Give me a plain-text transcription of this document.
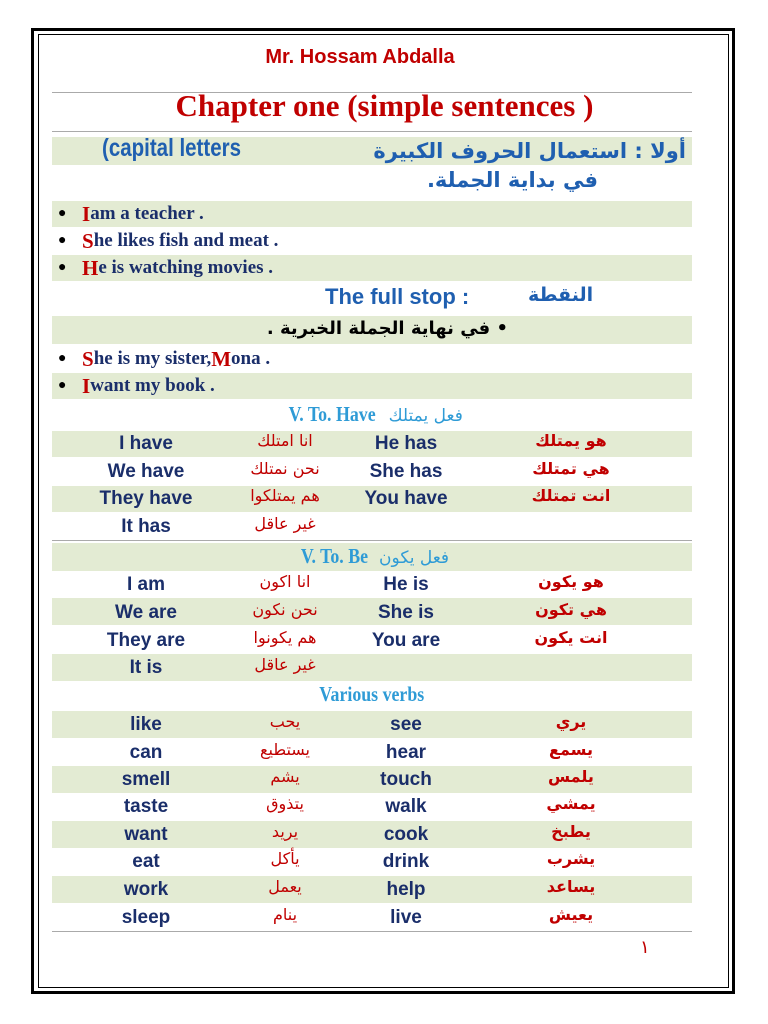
Mr. Hossam Abdalla
Chapter one (simple sentences )
(capital letters	أولا : استعمال الحروف الكبيرة
في بداية الجملة.
● I am a teacher .
● S he likes fish and meat .
● H e is watching movies .
The full stop :	النقطة
• في نهاية الجملة الخبرية .
● S he is my sister, M ona .
● I want my book .
V. To. Have فعل يمتلك
I have	انا امتلك	He has	هو يمتلك
We have	نحن نمتلك	She has	هي تمتلك
They have	هم يمتلكوا	You have	انت تمتلك
It has	غير عاقل
V. To. Be فعل يكون
I am	انا اكون	He is	هو يكون
We are	نحن نكون	She is	هي تكون
They are	هم يكونوا	You are	انت يكون
It is	غير عاقل
Various verbs
like	يحب	see	يري
can	يستطيع	hear	يسمع
smell	يشم	touch	يلمس
taste	يتذوق	walk	يمشي
want	يريد	cook	يطبخ
eat	يأكل	drink	يشرب
work	يعمل	help	يساعد
sleep	ينام	live	يعيش
١
